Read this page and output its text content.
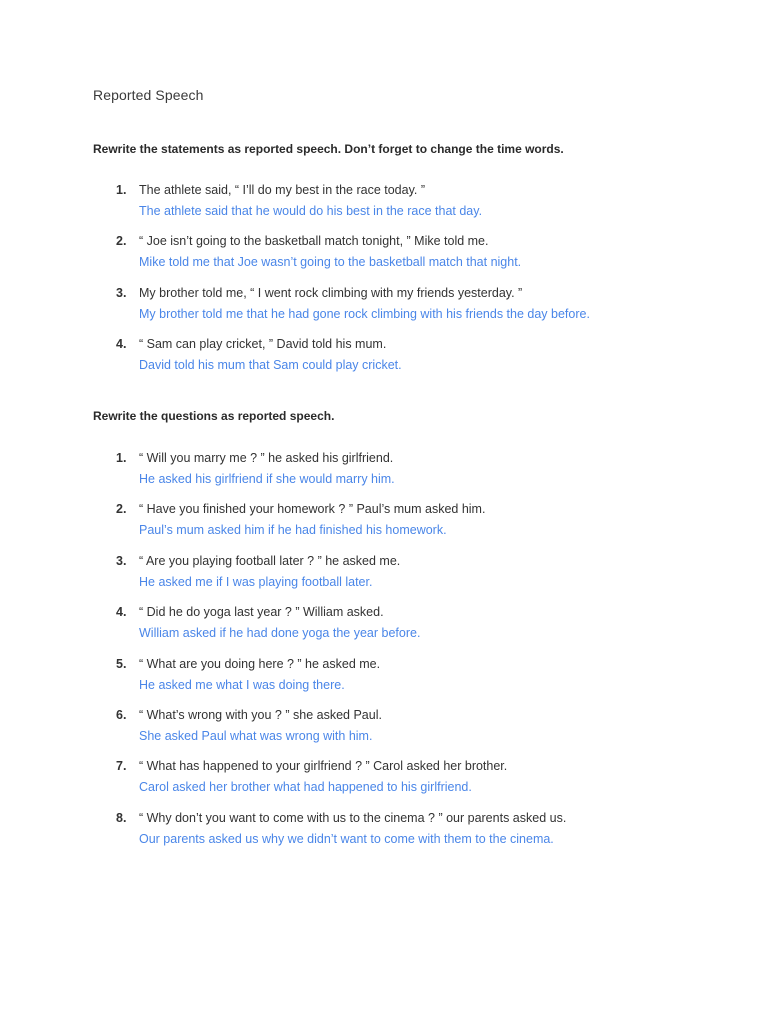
Reported Speech

Rewrite the statements as reported speech. Don’t forget to change the time words.

1. The athlete said, “ I’ll do my best in the race today. ”
The athlete said that he would do his best in the race that day.
2. “ Joe isn’t going to the basketball match tonight, ” Mike told me.
Mike told me that Joe wasn’t going to the basketball match that night.
3. My brother told me, “ I went rock climbing with my friends yesterday. ”
My brother told me that he had gone rock climbing with his friends the day before.
4. “ Sam can play cricket, ” David told his mum.
David told his mum that Sam could play cricket.

Rewrite the questions as reported speech.

1. “ Will you marry me ? ” he asked his girlfriend.
He asked his girlfriend if she would marry him.
2. “ Have you finished your homework ? ” Paul’s mum asked him.
Paul’s mum asked him if he had finished his homework.
3. “ Are you playing football later ? ” he asked me.
He asked me if I was playing football later.
4. “ Did he do yoga last year ? ” William asked.
William asked if he had done yoga the year before.
5. “ What are you doing here ? ” he asked me.
He asked me what I was doing there.
6. “ What’s wrong with you ? ” she asked Paul.
She asked Paul what was wrong with him.
7. “ What has happened to your girlfriend ? ” Carol asked her brother.
Carol asked her brother what had happened to his girlfriend.
8. “ Why don’t you want to come with us to the cinema ? ” our parents asked us.
Our parents asked us why we didn’t want to come with them to the cinema.
